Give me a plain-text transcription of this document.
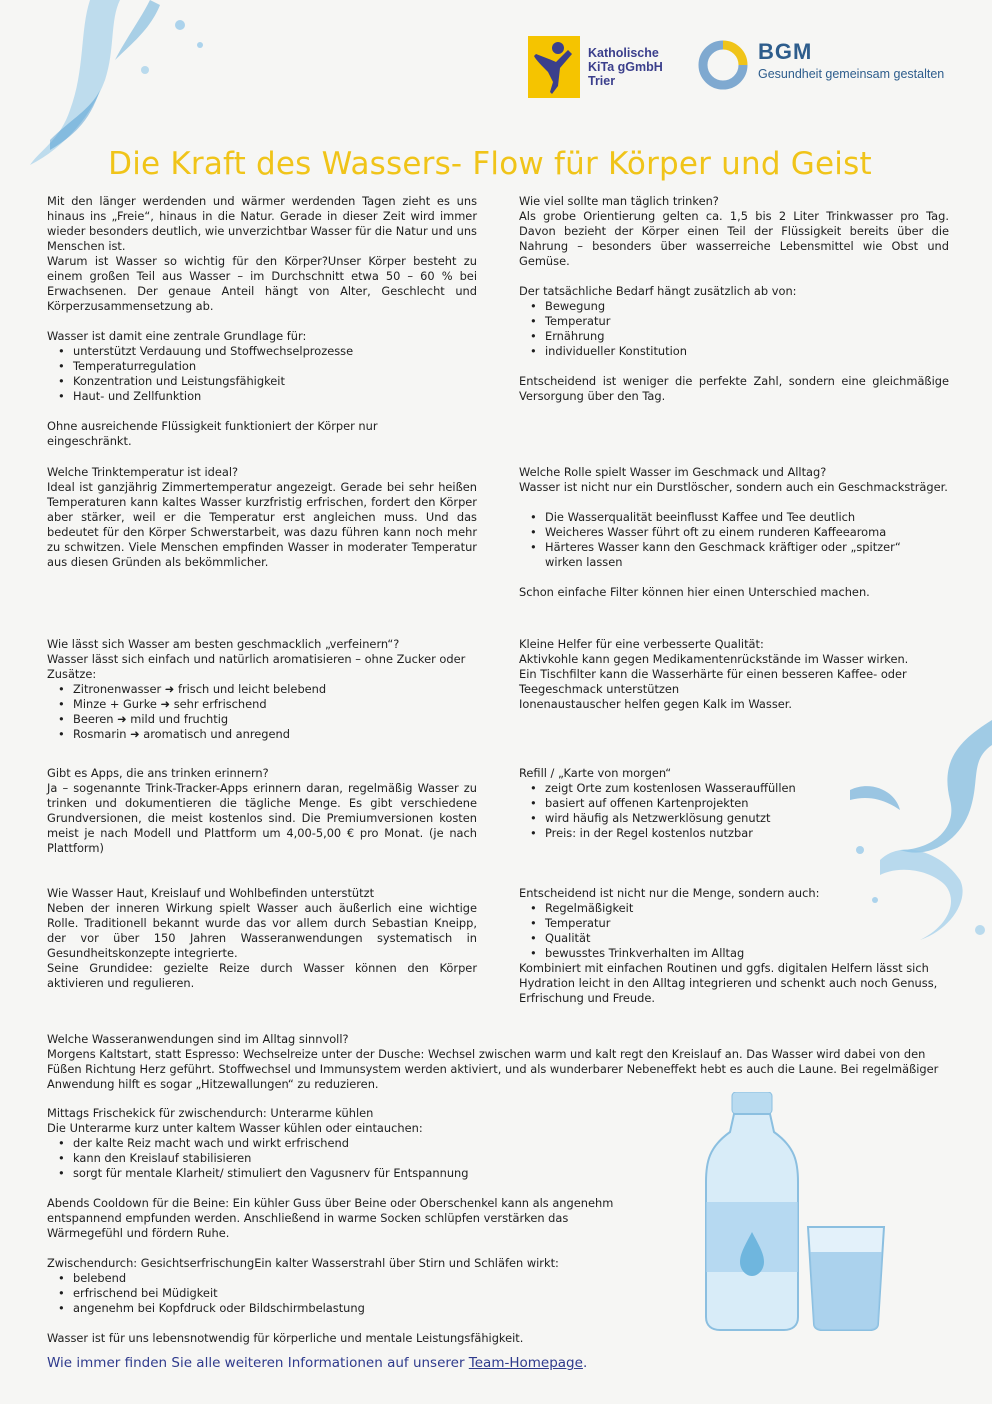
Katholische
KiTa gGmbH
Trier
BGM
Gesundheit gemeinsam gestalten
Die Kraft des Wassers- Flow für Körper und Geist

Mit den länger werdenden und wärmer werdenden Tagen zieht es uns hinaus ins „Freie“, hinaus in die Natur. Gerade in dieser Zeit wird immer wieder besonders deutlich, wie unverzichtbar Wasser für die Natur und uns Menschen ist.

Warum ist Wasser so wichtig für den Körper?Unser Körper besteht zu einem großen Teil aus Wasser – im Durchschnitt etwa 50 – 60 % bei Erwachsenen. Der genaue Anteil hängt von Alter, Geschlecht und Körperzusammensetzung ab.

Wasser ist damit eine zentrale Grundlage für:

• unterstützt Verdauung und Stoffwechselprozesse
• Temperaturregulation
• Konzentration und Leistungsfähigkeit
• Haut- und Zellfunktion

Ohne ausreichende Flüssigkeit funktioniert der Körper nur eingeschränkt.

Welche Trinktemperatur ist ideal?

Ideal ist ganzjährig Zimmertemperatur angezeigt. Gerade bei sehr heißen Temperaturen kann kaltes Wasser kurzfristig erfrischen, fordert den Körper aber stärker, weil er die Temperatur erst angleichen muss. Und das bedeutet für den Körper Schwerstarbeit, was dazu führen kann noch mehr zu schwitzen. Viele Menschen empfinden Wasser in moderater Temperatur aus diesen Gründen als bekömmlicher.

Wie lässt sich Wasser am besten geschmacklich „verfeinern“?

Wasser lässt sich einfach und natürlich aromatisieren – ohne Zucker oder Zusätze:

• Zitronenwasser ➜ frisch und leicht belebend
• Minze + Gurke ➜ sehr erfrischend
• Beeren ➜ mild und fruchtig
• Rosmarin ➜ aromatisch und anregend

Gibt es Apps, die ans trinken erinnern?

Ja – sogenannte Trink-Tracker-Apps erinnern daran, regelmäßig Wasser zu trinken und dokumentieren die tägliche Menge. Es gibt verschiedene Grundversionen, die meist kostenlos sind. Die Premiumversionen kosten meist je nach Modell und Plattform um 4,00-5,00 € pro Monat. (je nach Plattform)

Wie Wasser Haut, Kreislauf und Wohlbefinden unterstützt

Neben der inneren Wirkung spielt Wasser auch äußerlich eine wichtige Rolle. Traditionell bekannt wurde das vor allem durch Sebastian Kneipp, der vor über 150 Jahren Wasseranwendungen systematisch in Gesundheitskonzepte integrierte.

Seine Grundidee: gezielte Reize durch Wasser können den Körper aktivieren und regulieren.

Wie viel sollte man täglich trinken?

Als grobe Orientierung gelten ca. 1,5 bis 2 Liter Trinkwasser pro Tag. Davon bezieht der Körper einen Teil der Flüssigkeit bereits über die Nahrung – besonders über wasserreiche Lebensmittel wie Obst und Gemüse.

Der tatsächliche Bedarf hängt zusätzlich ab von:

• Bewegung
• Temperatur
• Ernährung
• individueller Konstitution

Entscheidend ist weniger die perfekte Zahl, sondern eine gleichmäßige Versorgung über den Tag.

Welche Rolle spielt Wasser im Geschmack und Alltag?

Wasser ist nicht nur ein Durstlöscher, sondern auch ein Geschmacksträger.

• Die Wasserqualität beeinflusst Kaffee und Tee deutlich
• Weicheres Wasser führt oft zu einem runderen Kaffeearoma
• Härteres Wasser kann den Geschmack kräftiger oder „spitzer“ wirken lassen

Schon einfache Filter können hier einen Unterschied machen.

Kleine Helfer für eine verbesserte Qualität:

Aktivkohle kann gegen Medikamentenrückstände im Wasser wirken.

Ein Tischfilter kann die Wasserhärte für einen besseren Kaffee- oder Teegeschmack unterstützen

Ionenaustauscher helfen gegen Kalk im Wasser.

Refill / „Karte von morgen“

• zeigt Orte zum kostenlosen Wasserauffüllen
• basiert auf offenen Kartenprojekten
• wird häufig als Netzwerklösung genutzt
• Preis: in der Regel kostenlos nutzbar

Entscheidend ist nicht nur die Menge, sondern auch:

• Regelmäßigkeit
• Temperatur
• Qualität
• bewusstes Trinkverhalten im Alltag

Kombiniert mit einfachen Routinen und ggfs. digitalen Helfern lässt sich Hydration leicht in den Alltag integrieren und schenkt auch noch Genuss, Erfrischung und Freude.

Welche Wasseranwendungen sind im Alltag sinnvoll?

Morgens Kaltstart, statt Espresso: Wechselreize unter der Dusche: Wechsel zwischen warm und kalt regt den Kreislauf an. Das Wasser wird dabei von den Füßen Richtung Herz geführt. Stoffwechsel und Immunsystem werden aktiviert, und als wunderbarer Nebeneffekt hebt es auch die Laune. Bei regelmäßiger Anwendung hilft es sogar „Hitzewallungen“ zu reduzieren.

Mittags Frischekick für zwischendurch: Unterarme kühlen

Die Unterarme kurz unter kaltem Wasser kühlen oder eintauchen:

• der kalte Reiz macht wach und wirkt erfrischend
• kann den Kreislauf stabilisieren
• sorgt für mentale Klarheit/ stimuliert den Vagusnerv für Entspannung

Abends Cooldown für die Beine: Ein kühler Guss über Beine oder Oberschenkel kann als angenehm entspannend empfunden werden. Anschließend in warme Socken schlüpfen verstärken das Wärmegefühl und fördern Ruhe.

Zwischendurch: GesichtserfrischungEin kalter Wasserstrahl über Stirn und Schläfen wirkt:

• belebend
• erfrischend bei Müdigkeit
• angenehm bei Kopfdruck oder Bildschirmbelastung

Wasser ist für uns lebensnotwendig für körperliche und mentale Leistungsfähigkeit.

Wie immer finden Sie alle weiteren Informationen auf unserer Team-Homepage.
